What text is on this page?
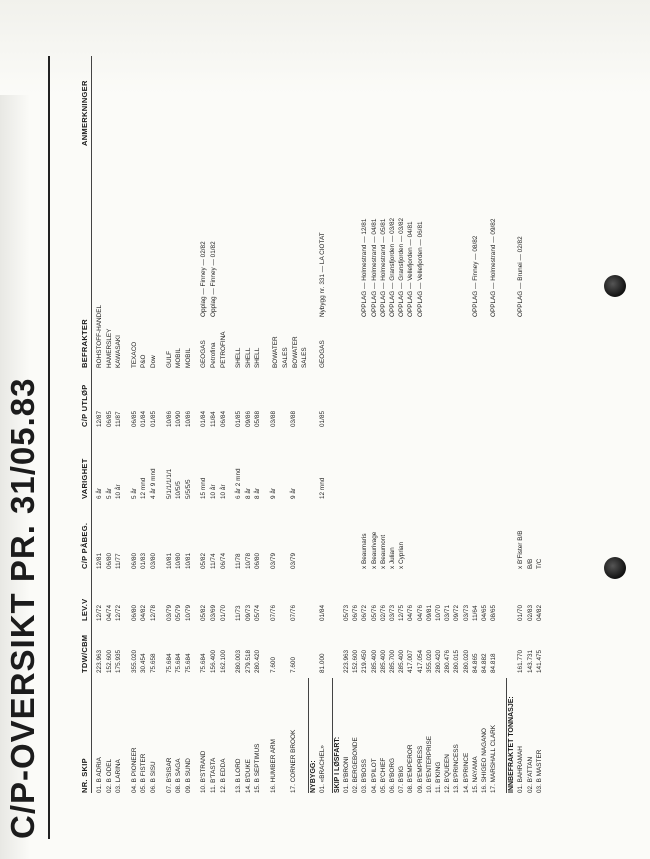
C/P-OVERSIKT PR. 31/05.83	NR. SKIP
TDW/CBM
LEV.V
C/P PÅBEG.
VARIGHET
C/P UTLØP
BEFRAKTER
ANMERKNINGER
01. B ADRIA
223.963
12/72
12/81
6 år
12/87
ROHSTOFF-HANDEL
02. B ODEL
152.600
04/74
06/80
5 år
06/85
HAMERSLEY
03. LARINA
175.935
12/72
11/77
10 år
11/87
KAWASAKI
04. B PIONEER
355.020
06/80
06/80
5 år
06/85
TEXACO
05. B FISTER
30.454
04/82
01/83
12 mnd
01/84
P&O
06. B SISU
75.658
12/78
03/80
4 år 9 mnd
01/85
Dow
07. B'SISAR
75.684
03/79
10/81
5/1/1/1/1/1
10/86
GULF
08. B SAGA
75.684
05/79
10/80
10/5/5
10/90
MOBIL
09. B SUND
75.684
10/79
10/81
5/5/5/5
10/86
MOBIL
10. B'STRAND
75.684
05/82
05/82
15 mnd
01/84
GEOGAS
Opplag — Finney — 02/82
11. B'TASTA
156.400
03/69
11/74
10 år
11/84
Petrofina
Opplag — Finney — 01/82
12. B EDDA
162.100
01/70
06/74
10 år
06/84
PETROFINA
13. B LORD
280.003
11/73
11/78
6 år 2 mnd
01/85
SHELL
14. B'DUKE
279.518
09/73
10/78
8 år
09/86
SHELL
15. B SEPTIMUS
280.420
05/74
06/80
8 år
05/88
SHELL
16. HUMBER ARM
7.600
07/76
03/79
9 år
03/88
BOWATER SALES
17. CORNER BROOK
7.600
07/76
03/79
9 år
03/88
BOWATER SALES
NYBYGG: 01. «BRACHEL»
81.000
01/84
12 mnd
01/85
GEOGAS
Nybygg nr. 331 — LA CIOTAT
SKIP I LØSFART: 01. B'BRONI
223.963
05/73
02. BERGEBONDE
152.600
06/76
03. B'BOSS
219.450
06/72
x Beaumaris
OPPLAG — Holmestrand — 12/81
04. B'PILOT
285.400
05/76
x Beaurivage
OPPLAG — Holmestrand — 04/81
05. B'CHIEF
285.400
02/76
x Beaumont
OPPLAG — Holmestrand — 05/81
06. B'BORG
285.700
03/73
x Julian
OPPLAG — Gransfjorden — 03/82
07. B'BIG
285.400
12/75
x Cyprian
OPPLAG — Gransfjorden — 03/82
08. B'EMPEROR
417.007
04/76
OPPLAG — Vellefjorden — 04/81
09. B'EMPRESS
417.054
04/76
OPPLAG — Vellefjorden — 06/81
10. B'ENTERPRISE
355.020
09/81
11. B'KING
280.420
10/70
12. B'QUEEN
280.476
03/71
13. B'PRINCESS
280.015
09/72
14. B'PRINCE
280.020
03/73
15. NAYAMA
84.865
11/64
OPPLAG — Finney — 08/82
16. SHIGEO NAGANO
84.882
04/65
17. MARSHALL CLARK
84.818
08/65
OPPLAG — Holmestrand — 09/82
INNBEFRAKTET TONNASJE: 01. BAHRAMAH
161.770
01/70
x B'Fister B/B
OPPLAG — Brunei — 02/82
02. B'ATTAN
143.731
02/83
B/B
03. B MASTER
141.475
04/82
T/C
